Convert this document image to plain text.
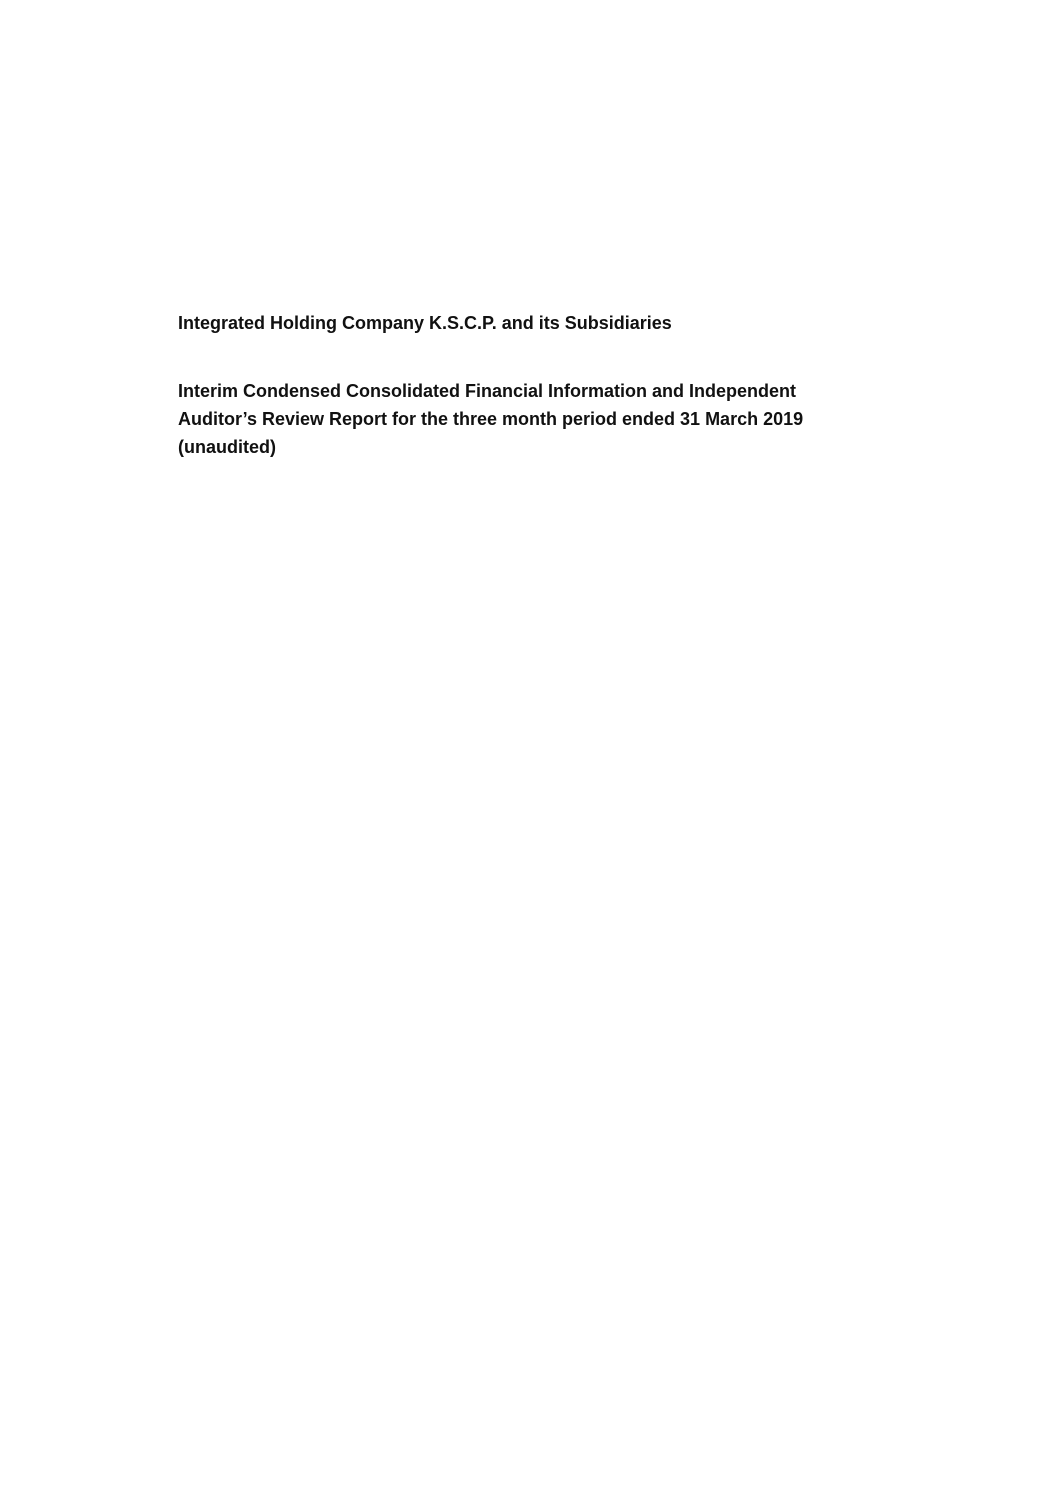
Integrated Holding Company K.S.C.P. and its Subsidiaries

Interim Condensed Consolidated Financial Information and Independent
Auditor’s Review Report for the three month period ended 31 March 2019
(unaudited)
